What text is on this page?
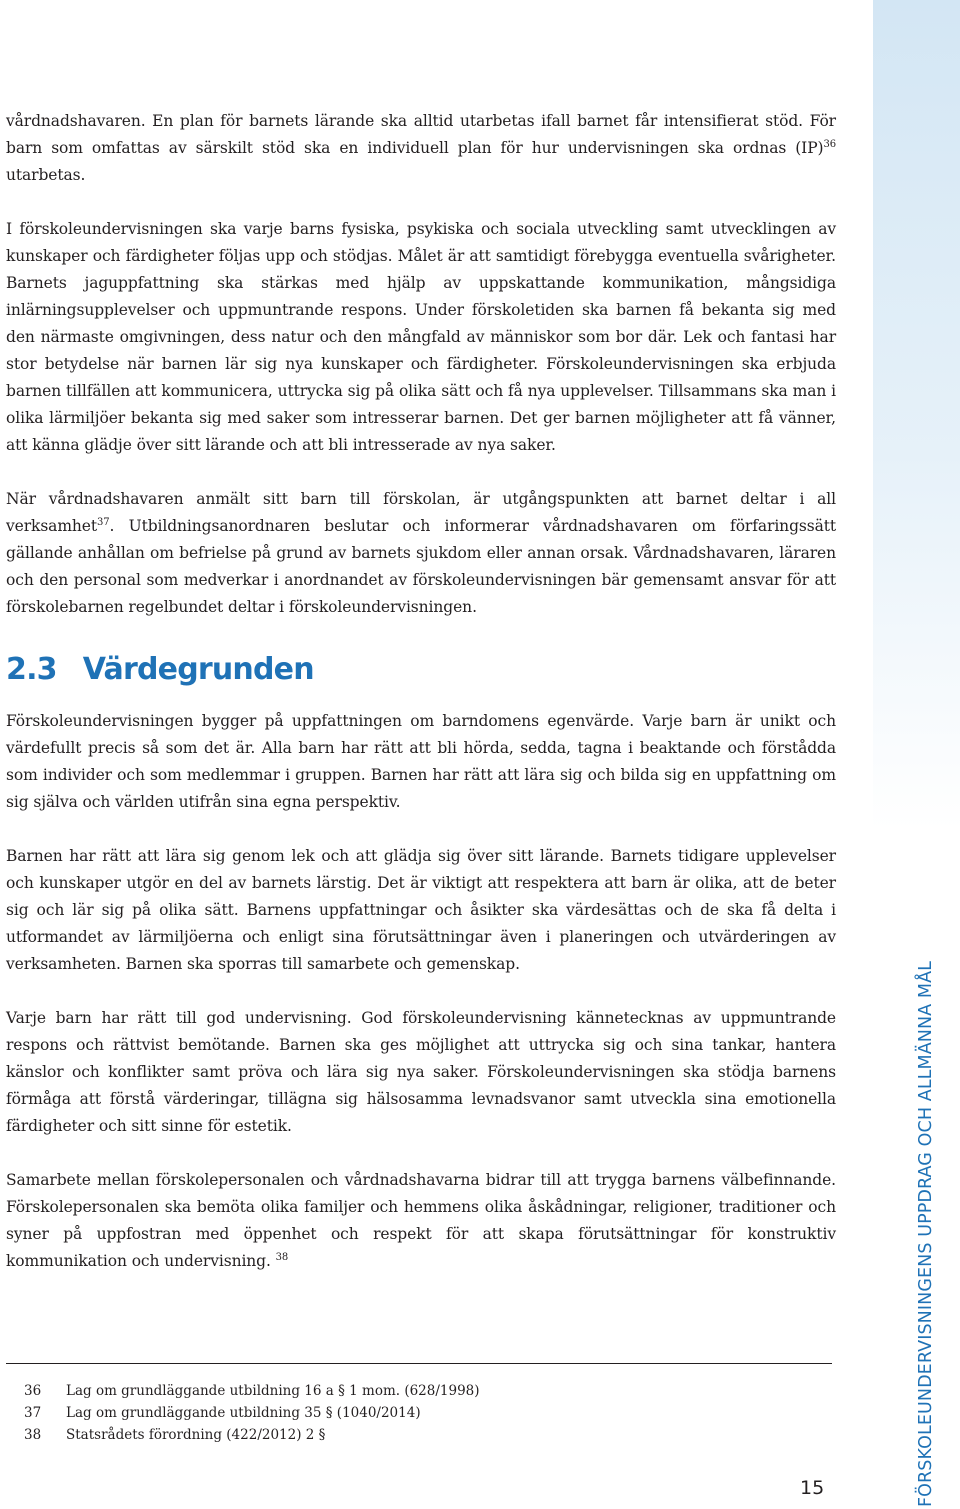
FÖRSKOLEUNDERVISNINGENS UPPDRAG OCH ALLMÄNNA MÅL

vårdnadshavaren. En plan för barnets lärande ska alltid utarbetas ifall barnet får intensifierat stöd. För barn som omfattas av särskilt stöd ska en individuell plan för hur undervisningen ska ordnas (IP)$^{36}$ utarbetas.

I förskoleundervisningen ska varje barns fysiska, psykiska och sociala utveckling samt utvecklingen av kunskaper och färdigheter följas upp och stödjas. Målet är att samtidigt förebygga eventuella svårigheter. Barnets jaguppfattning ska stärkas med hjälp av uppskattande kommunikation, mångsidiga inlärningsupplevelser och uppmuntrande respons. Under förskoletiden ska barnen få bekanta sig med den närmaste omgivningen, dess natur och den mångfald av människor som bor där. Lek och fantasi har stor betydelse när barnen lär sig nya kunskaper och färdigheter. Förskoleundervisningen ska erbjuda barnen tillfällen att kommunicera, uttrycka sig på olika sätt och få nya upplevelser. Tillsammans ska man i olika lärmiljöer bekanta sig med saker som intresserar barnen. Det ger barnen möjligheter att få vänner, att känna glädje över sitt lärande och att bli intresserade av nya saker.

När vårdnadshavaren anmält sitt barn till förskolan, är utgångspunkten att barnet deltar i all verksamhet$^{37}$. Utbildningsanordnaren beslutar och informerar vårdnadshavaren om förfaringssätt gällande anhållan om befrielse på grund av barnets sjukdom eller annan orsak. Vårdnadshavaren, läraren och den personal som medverkar i anordnandet av förskoleundervisningen bär gemensamt ansvar för att förskolebarnen regelbundet deltar i förskoleundervisningen.

2.3 Värdegrunden

Förskoleundervisningen bygger på uppfattningen om barndomens egenvärde. Varje barn är unikt och värdefullt precis så som det är. Alla barn har rätt att bli hörda, sedda, tagna i beaktande och förstådda som individer och som medlemmar i gruppen. Barnen har rätt att lära sig och bilda sig en uppfattning om sig själva och världen utifrån sina egna perspektiv.

Barnen har rätt att lära sig genom lek och att glädja sig över sitt lärande. Barnets tidigare upplevelser och kunskaper utgör en del av barnets lärstig. Det är viktigt att respektera att barn är olika, att de beter sig och lär sig på olika sätt. Barnens uppfattningar och åsikter ska värdesättas och de ska få delta i utformandet av lärmiljöerna och enligt sina förutsättningar även i planeringen och utvärderingen av verksamheten. Barnen ska sporras till samarbete och gemenskap.

Varje barn har rätt till god undervisning. God förskoleundervisning kännetecknas av uppmuntrande respons och rättvist bemötande. Barnen ska ges möjlighet att uttrycka sig och sina tankar, hantera känslor och konflikter samt pröva och lära sig nya saker. Förskoleundervisningen ska stödja barnens förmåga att förstå värderingar, tillägna sig hälsosamma levnadsvanor samt utveckla sina emotionella färdigheter och sitt sinne för estetik.

Samarbete mellan förskolepersonalen och vårdnadshavarna bidrar till att trygga barnens välbefinnande. Förskolepersonalen ska bemöta olika familjer och hemmens olika åskådningar, religioner, traditioner och syner på uppfostran med öppenhet och respekt för att skapa förutsättningar för konstruktiv kommunikation och undervisning. $^{38}$

36 Lag om grundläggande utbildning 16 a § 1 mom. (628/1998)
37 Lag om grundläggande utbildning 35 § (1040/2014)
38 Statsrådets förordning (422/2012) 2 §
15
